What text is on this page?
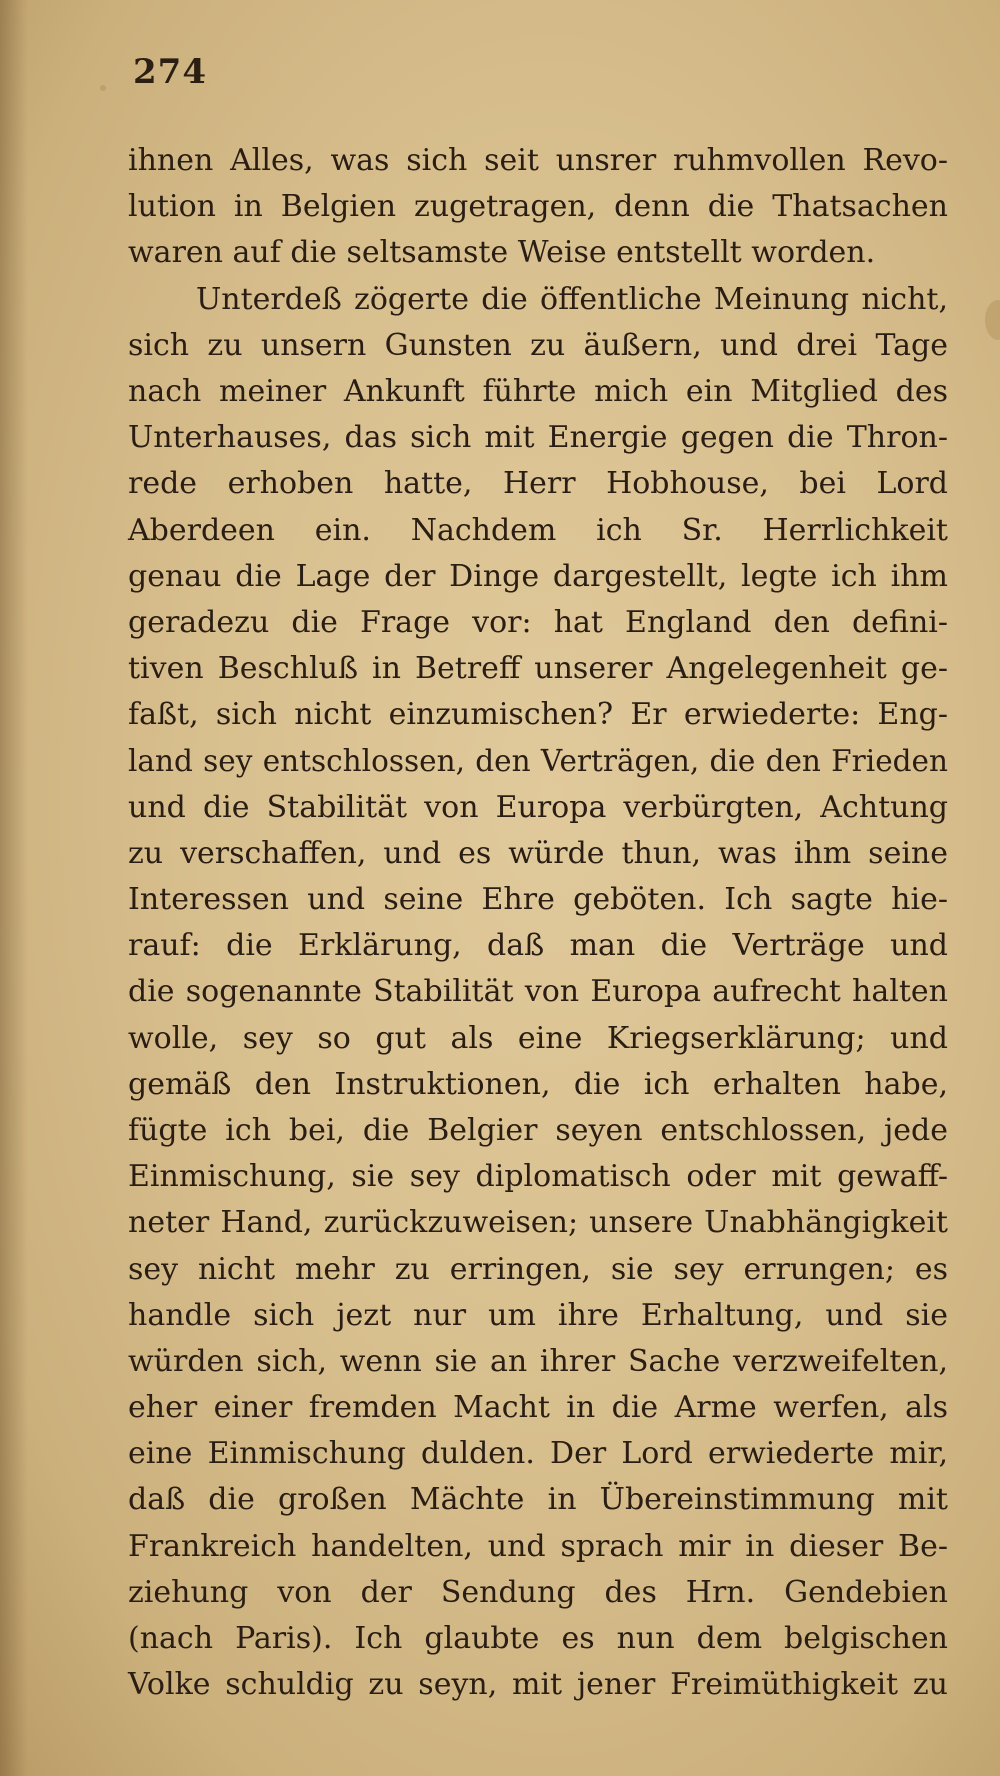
274
ihnen Alles, was sich seit unsrer ruhmvollen Revo-
lution in Belgien zugetragen, denn die Thatsachen
waren auf die seltsamste Weise entstellt worden.
Unterdeß zögerte die öffentliche Meinung nicht,
sich zu unsern Gunsten zu äußern, und drei Tage
nach meiner Ankunft führte mich ein Mitglied des
Unterhauses, das sich mit Energie gegen die Thron-
rede erhoben hatte, Herr Hobhouse, bei Lord
Aberdeen ein. Nachdem ich Sr. Herrlichkeit
genau die Lage der Dinge dargestellt, legte ich ihm
geradezu die Frage vor: hat England den defini-
tiven Beschluß in Betreff unserer Angelegenheit ge-
faßt, sich nicht einzumischen? Er erwiederte: Eng-
land sey entschlossen, den Verträgen, die den Frieden
und die Stabilität von Europa verbürgten, Achtung
zu verschaffen, und es würde thun, was ihm seine
Interessen und seine Ehre geböten. Ich sagte hie-
rauf: die Erklärung, daß man die Verträge und
die sogenannte Stabilität von Europa aufrecht halten
wolle, sey so gut als eine Kriegserklärung; und
gemäß den Instruktionen, die ich erhalten habe,
fügte ich bei, die Belgier seyen entschlossen, jede
Einmischung, sie sey diplomatisch oder mit gewaff-
neter Hand, zurückzuweisen; unsere Unabhängigkeit
sey nicht mehr zu erringen, sie sey errungen; es
handle sich jezt nur um ihre Erhaltung, und sie
würden sich, wenn sie an ihrer Sache verzweifelten,
eher einer fremden Macht in die Arme werfen, als
eine Einmischung dulden. Der Lord erwiederte mir,
daß die großen Mächte in Übereinstimmung mit
Frankreich handelten, und sprach mir in dieser Be-
ziehung von der Sendung des Hrn. Gendebien
(nach Paris). Ich glaubte es nun dem belgischen
Volke schuldig zu seyn, mit jener Freimüthigkeit zu
